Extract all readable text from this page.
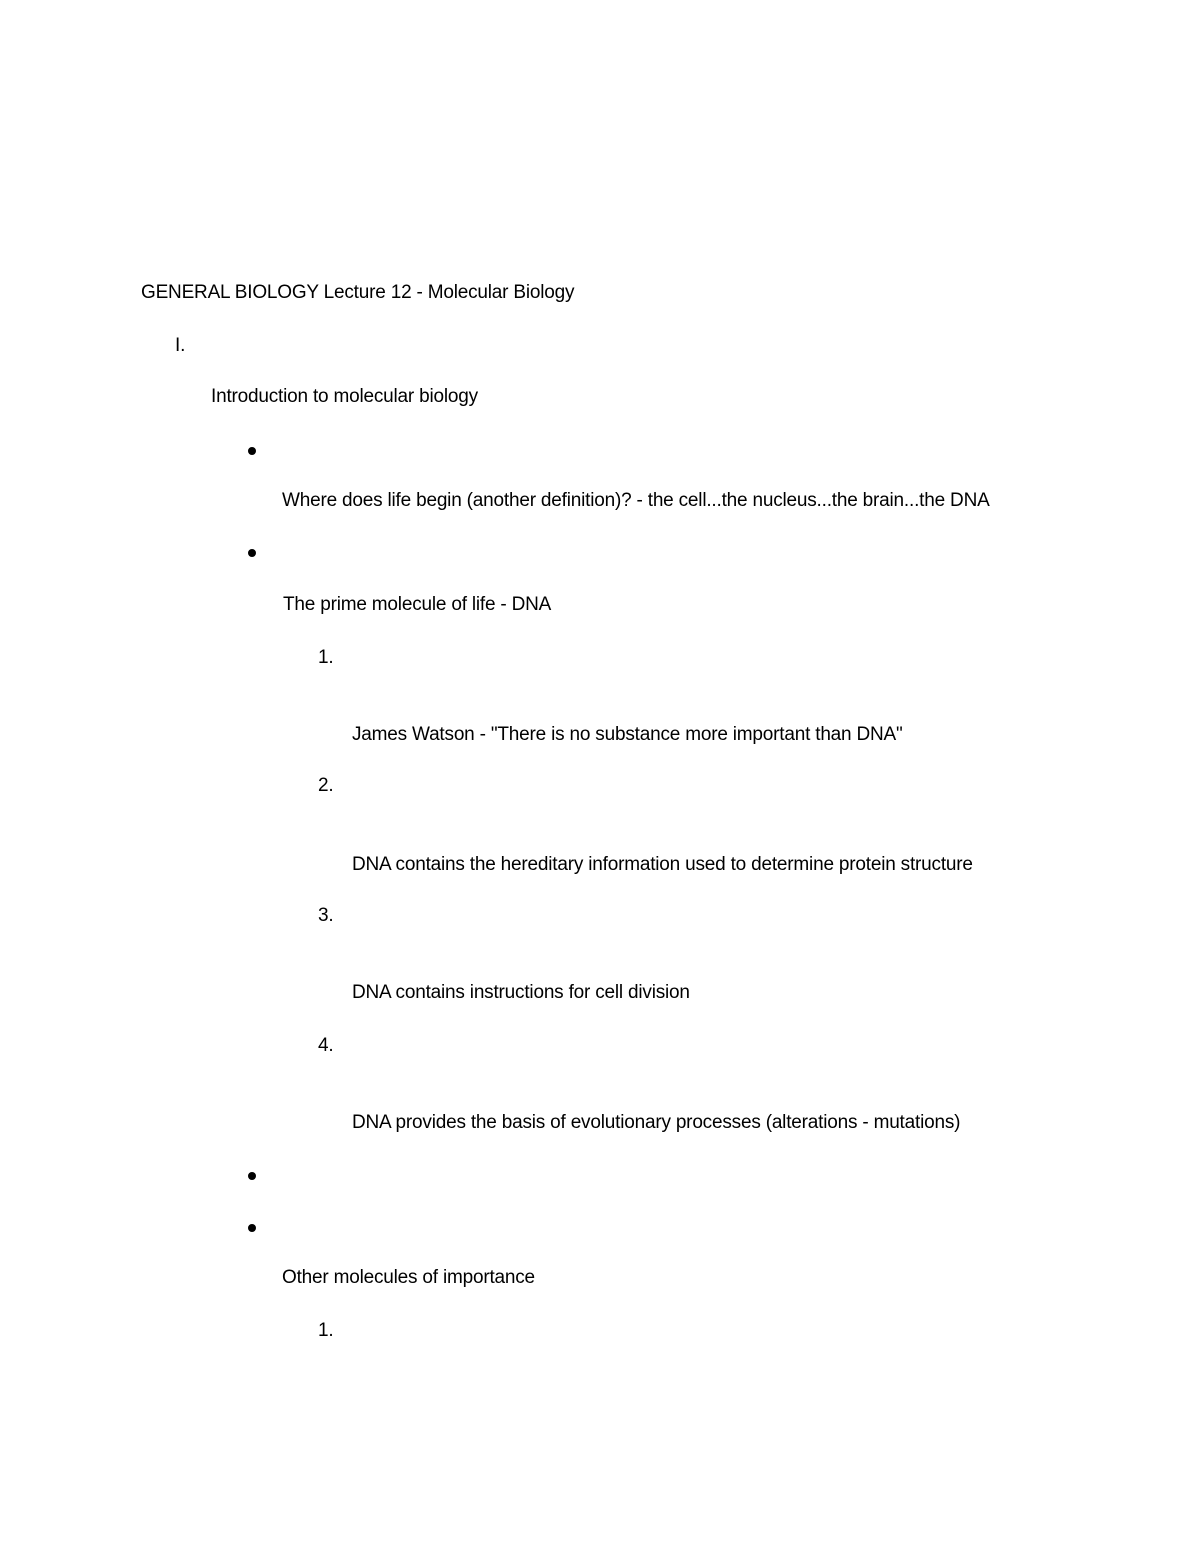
GENERAL BIOLOGY Lecture 12 - Molecular Biology
I.
Introduction to molecular biology
Where does life begin (another definition)? - the cell...the nucleus...the brain...the DNA
The prime molecule of life - DNA
1.
James Watson - "There is no substance more important than DNA"
2.
DNA contains the hereditary information used to determine protein structure
3.
DNA contains instructions for cell division
4.
DNA provides the basis of evolutionary processes (alterations - mutations)
Other molecules of importance
1.
